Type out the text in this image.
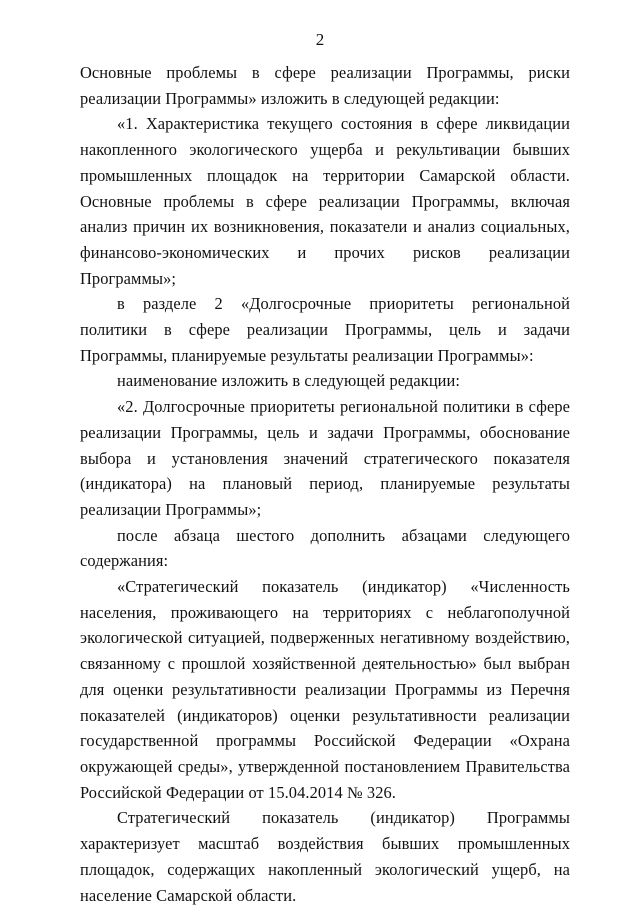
2

Основные проблемы в сфере реализации Программы, риски реализации Программы» изложить в следующей редакции:

«1. Характеристика текущего состояния в сфере ликвидации накопленного экологического ущерба и рекультивации бывших промышленных площадок на территории Самарской области. Основные проблемы в сфере реализации Программы, включая анализ причин их возникновения, показатели и анализ социальных, финансово-экономических и прочих рисков реализации Программы»;

в разделе 2 «Долгосрочные приоритеты региональной политики в сфере реализации Программы, цель и задачи Программы, планируемые результаты реализации Программы»:

наименование изложить в следующей редакции:

«2. Долгосрочные приоритеты региональной политики в сфере реализации Программы, цель и задачи Программы, обоснование выбора и установления значений стратегического показателя (индикатора) на плановый период, планируемые результаты реализации Программы»;

после абзаца шестого дополнить абзацами следующего содержания:

«Стратегический показатель (индикатор) «Численность населения, проживающего на территориях с неблагополучной экологической ситуацией, подверженных негативному воздействию, связанному с прошлой хозяйственной деятельностью» был выбран для оценки результативности реализации Программы из Перечня показателей (индикаторов) оценки результативности реализации государственной программы Российской Федерации «Охрана окружающей среды», утвержденной постановлением Правительства Российской Федерации от 15.04.2014 № 326.

Стратегический показатель (индикатор) Программы характеризует масштаб воздействия бывших промышленных площадок, содержащих накопленный экологический ущерб, на население Самарской области.
